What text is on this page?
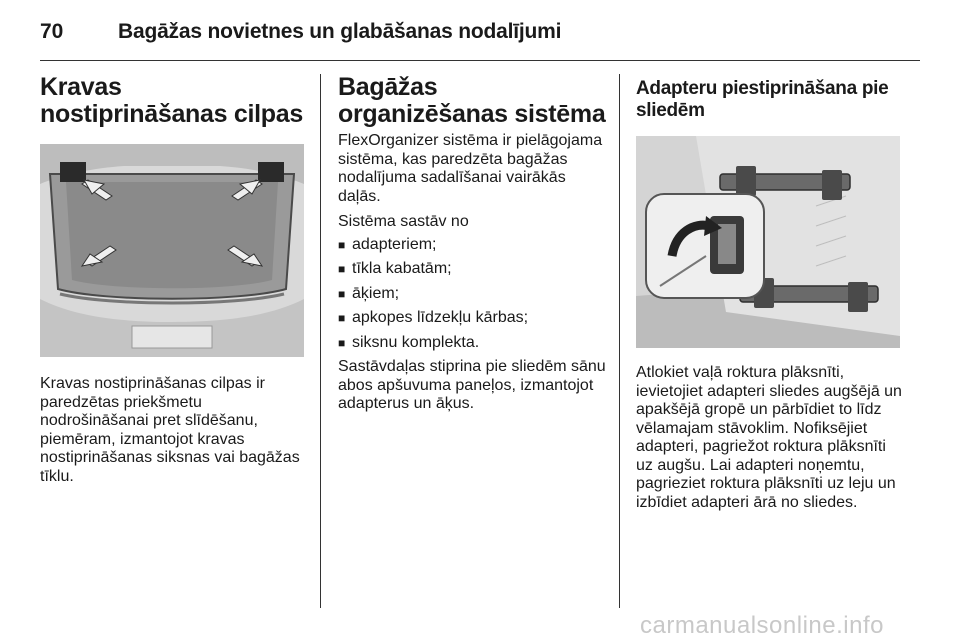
70	Bagāžas novietnes un glabāšanas nodalījumi
Kravas nostiprināšanas cilpas

Kravas nostiprināšanas cilpas ir paredzētas priekšmetu nodrošināšanai pret slīdēšanu, piemēram, izmantojot kravas nostiprināšanas siksnas vai bagāžas tīklu.

Bagāžas organizēšanas sistēma

FlexOrganizer sistēma ir pielāgojama sistēma, kas paredzēta bagāžas nodalījuma sadalīšanai vairākās daļās.

Sistēma sastāv no

■ adapteriem;
■ tīkla kabatām;
■ āķiem;
■ apkopes līdzekļu kārbas;
■ siksnu komplekta.

Sastāvdaļas stiprina pie sliedēm sānu abos apšuvuma paneļos, izmantojot adapterus un āķus.

Adapteru piestiprināšana pie sliedēm

Atlokiet vaļā roktura plāksnīti, ievietojiet adapteri sliedes augšējā un apakšējā gropē un pārbīdiet to līdz vēlamajam stāvoklim. Nofiksējiet adapteri, pagriežot roktura plāksnīti uz augšu. Lai adapteri noņemtu, pagrieziet roktura plāksnīti uz leju un izbīdiet adapteri ārā no sliedes.

carmanualsonline.info
